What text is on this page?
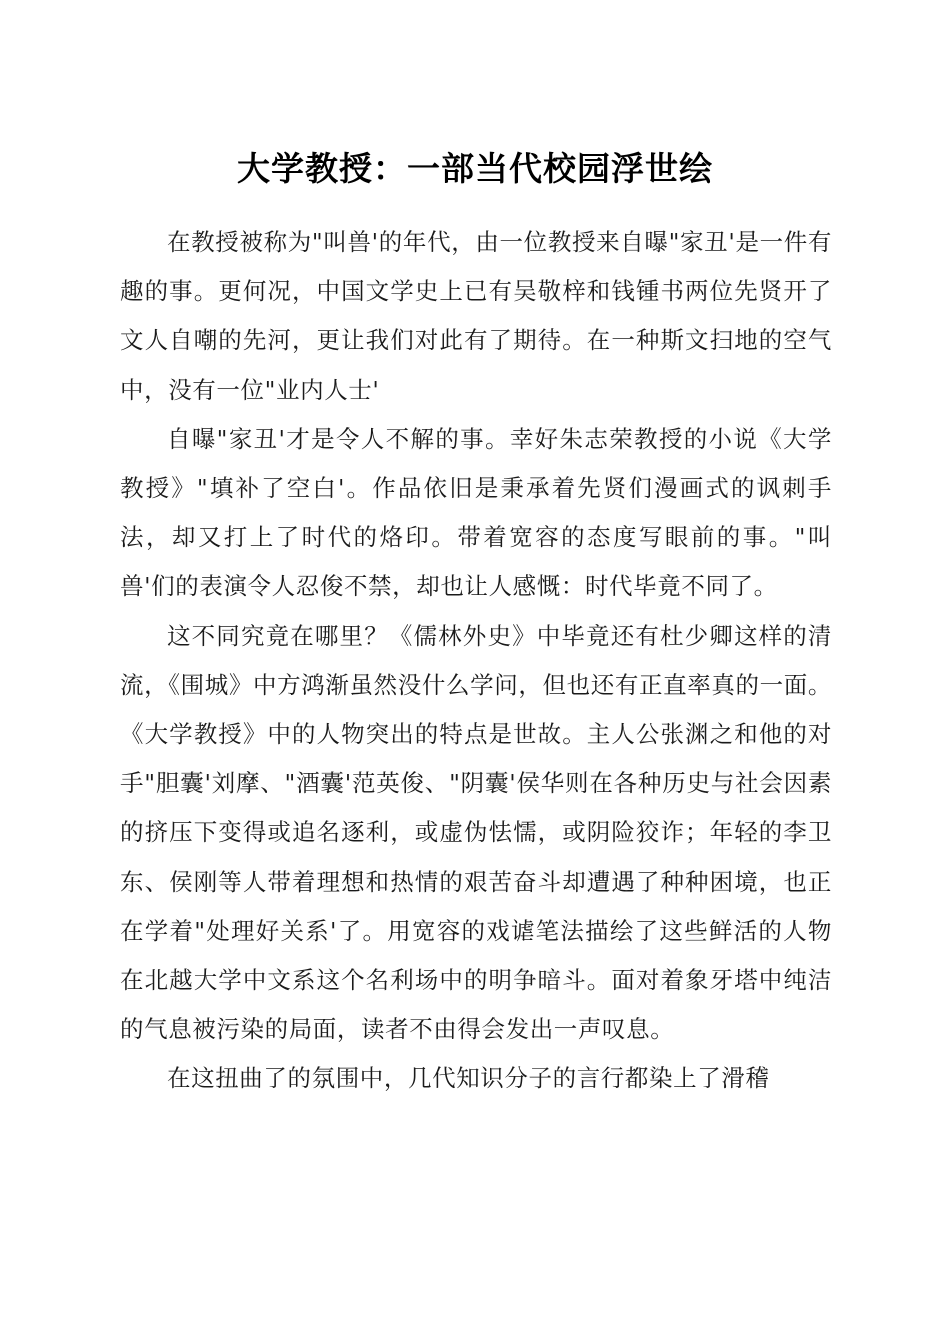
大学教授：一部当代校园浮世绘

在教授被称为"叫兽'的年代，由一位教授来自曝"家丑'是一件有趣的事。更何况，中国文学史上已有吴敬梓和钱锺书两位先贤开了文人自嘲的先河，更让我们对此有了期待。在一种斯文扫地的空气中，没有一位"业内人士'

自曝"家丑'才是令人不解的事。幸好朱志荣教授的小说《大学教授》"填补了空白'。作品依旧是秉承着先贤们漫画式的讽刺手法，却又打上了时代的烙印。带着宽容的态度写眼前的事。"叫兽'们的表演令人忍俊不禁，却也让人感慨：时代毕竟不同了。

这不同究竟在哪里？《儒林外史》中毕竟还有杜少卿这样的清流，《围城》中方鸿渐虽然没什么学问，但也还有正直率真的一面。《大学教授》中的人物突出的特点是世故。主人公张渊之和他的对手"胆囊'刘摩、"酒囊'范英俊、"阴囊'侯华则在各种历史与社会因素的挤压下变得或追名逐利，或虚伪怯懦，或阴险狡诈；年轻的李卫东、侯刚等人带着理想和热情的艰苦奋斗却遭遇了种种困境，也正在学着"处理好关系'了。用宽容的戏谑笔法描绘了这些鲜活的人物在北越大学中文系这个名利场中的明争暗斗。面对着象牙塔中纯洁的气息被污染的局面，读者不由得会发出一声叹息。

在这扭曲了的氛围中，几代知识分子的言行都染上了滑稽
